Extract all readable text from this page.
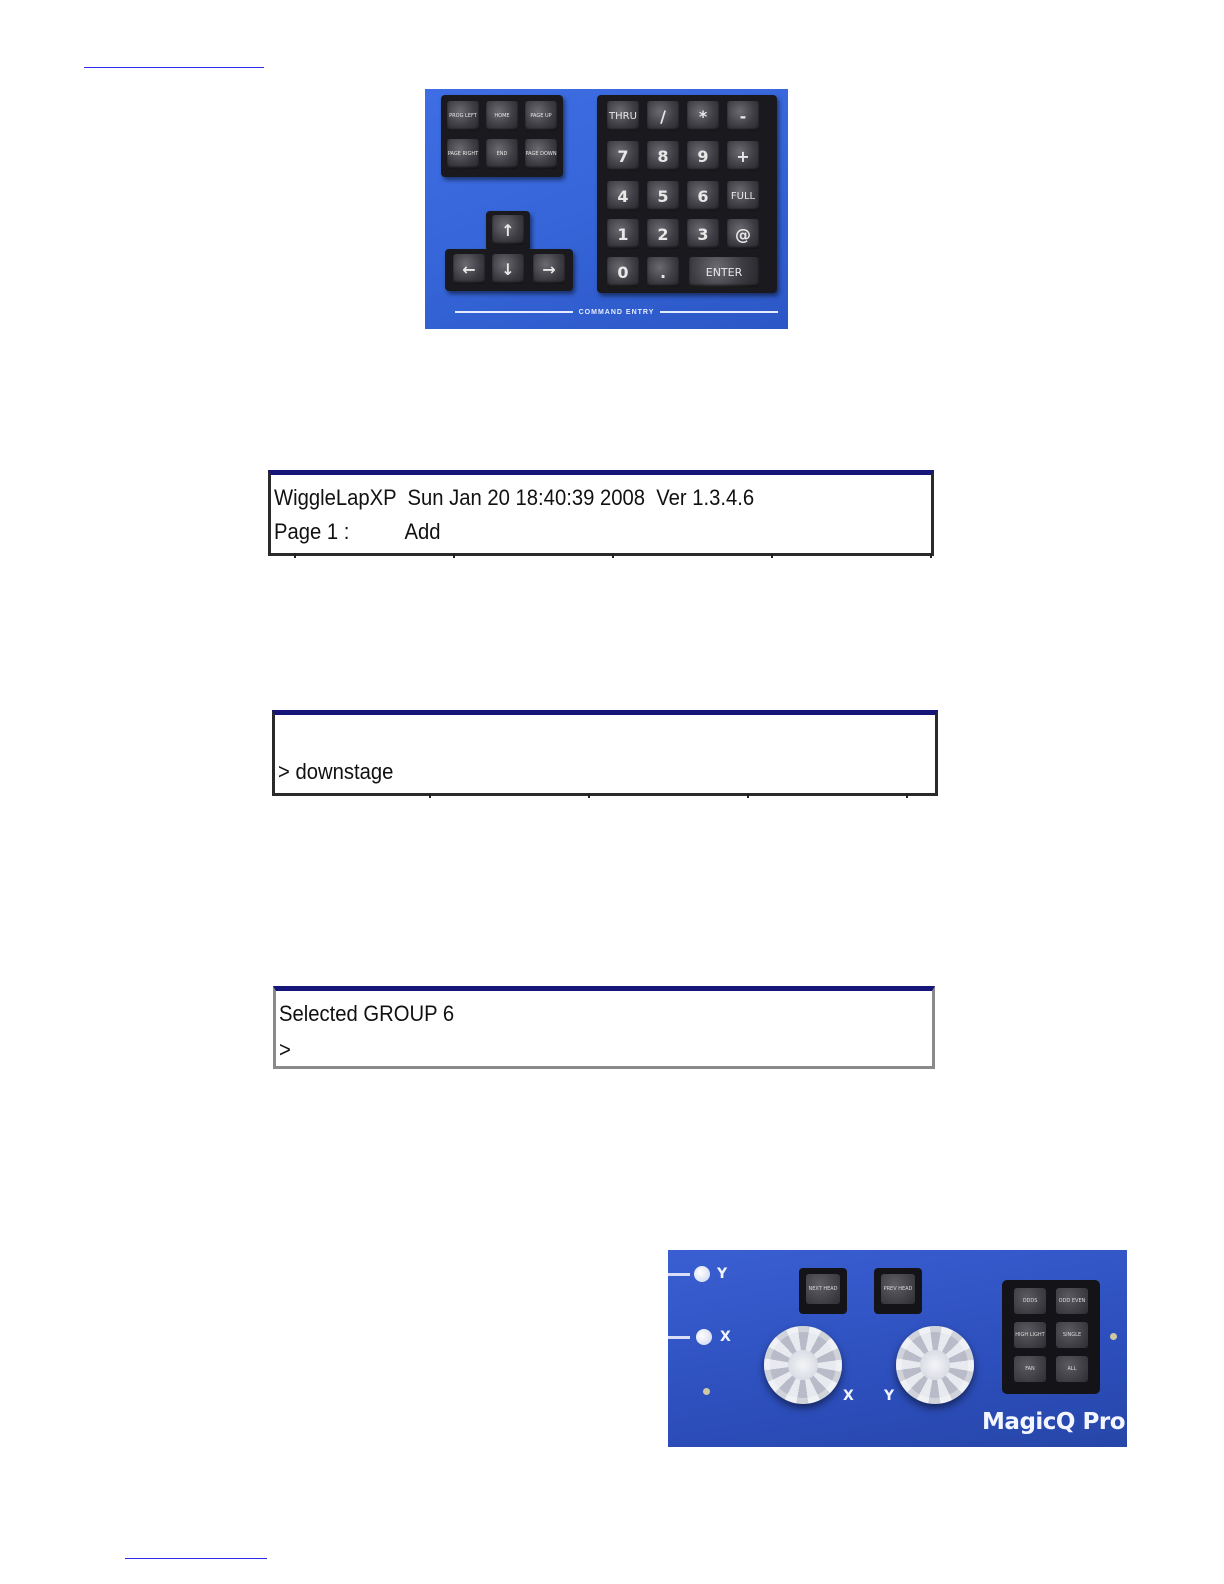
PROG LEFT	HOME	PAGE UP
PAGE RIGHT	END	PAGE DOWN
↑
←	↓	→
THRU	/	*	-
7	8	9	+
4	5	6	FULL
1	2	3	@
0	.	ENTER
COMMAND ENTRY
WiggleLapXP  Sun Jan 20 18:40:39 2008  Ver 1.3.4.6
Page 1 :          Add
> downstage
Selected GROUP 6
>
Y
X
NEXT HEAD	PREV HEAD
X Y
ODDS	ODD EVEN
HIGH LIGHT	SINGLE
FAN	ALL
MagicQ Pro
